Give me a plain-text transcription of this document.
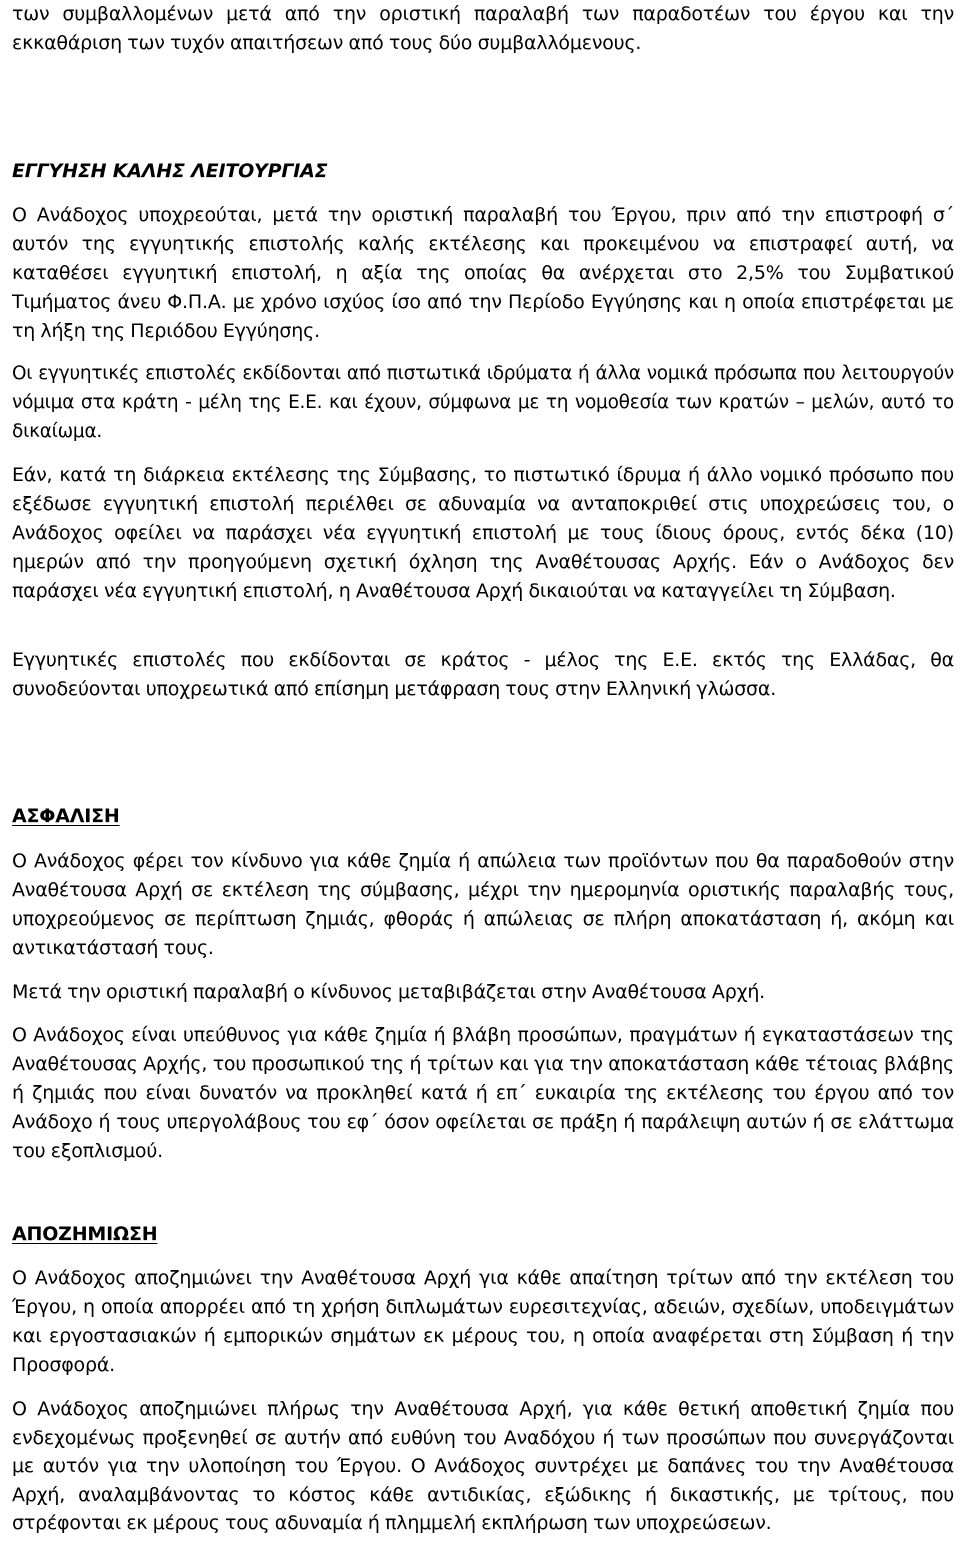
των συμβαλλομένων μετά από την οριστική παραλαβή των παραδοτέων του έργου και την εκκαθάριση των τυχόν απαιτήσεων από τους δύο συμβαλλόμενους.

ΕΓΓΥΗΣΗ ΚΑΛΗΣ ΛΕΙΤΟΥΡΓΙΑΣ

Ο Ανάδοχος υποχρεούται, μετά την οριστική παραλαβή του Έργου, πριν από την επιστροφή σ΄ αυτόν της εγγυητικής επιστολής καλής εκτέλεσης και προκειμένου να επιστραφεί αυτή, να καταθέσει εγγυητική επιστολή, η αξία της οποίας θα ανέρχεται στο 2,5% του Συμβατικού Τιμήματος άνευ Φ.Π.Α. με χρόνο ισχύος ίσο από την Περίοδο Εγγύησης και η οποία επιστρέφεται με τη λήξη της Περιόδου Εγγύησης.

Οι εγγυητικές επιστολές εκδίδονται από πιστωτικά ιδρύματα ή άλλα νομικά πρόσωπα που λειτουργούν νόμιμα στα κράτη - μέλη της Ε.Ε. και έχουν, σύμφωνα με τη νομοθεσία των κρατών – μελών, αυτό το δικαίωμα.

Εάν, κατά τη διάρκεια εκτέλεσης της Σύμβασης, το πιστωτικό ίδρυμα ή άλλο νομικό πρόσωπο που εξέδωσε εγγυητική επιστολή περιέλθει σε αδυναμία να ανταποκριθεί στις υποχρεώσεις του, ο Ανάδοχος οφείλει να παράσχει νέα εγγυητική επιστολή με τους ίδιους όρους, εντός δέκα (10) ημερών από την προηγούμενη σχετική όχληση της Αναθέτουσας Αρχής. Εάν ο Ανάδοχος δεν παράσχει νέα εγγυητική επιστολή, η Αναθέτουσα Αρχή δικαιούται να καταγγείλει τη Σύμβαση.

Εγγυητικές επιστολές που εκδίδονται σε κράτος - μέλος της Ε.Ε. εκτός της Ελλάδας, θα συνοδεύονται υποχρεωτικά από επίσημη μετάφραση τους στην Ελληνική γλώσσα.

ΑΣΦΑΛΙΣΗ

Ο Ανάδοχος φέρει τον κίνδυνο για κάθε ζημία ή απώλεια των προϊόντων που θα παραδοθούν στην Αναθέτουσα Αρχή σε εκτέλεση της σύμβασης, μέχρι την ημερομηνία οριστικής παραλαβής τους, υποχρεούμενος σε περίπτωση ζημιάς, φθοράς ή απώλειας σε πλήρη αποκατάσταση ή, ακόμη και αντικατάστασή τους.

Μετά την οριστική παραλαβή ο κίνδυνος μεταβιβάζεται στην Αναθέτουσα Αρχή.

Ο Ανάδοχος είναι υπεύθυνος για κάθε ζημία ή βλάβη προσώπων, πραγμάτων ή εγκαταστάσεων της Αναθέτουσας Αρχής, του προσωπικού της ή τρίτων και για την αποκατάσταση κάθε τέτοιας βλάβης ή ζημιάς που είναι δυνατόν να προκληθεί κατά ή επ΄ ευκαιρία της εκτέλεσης του έργου από τον Ανάδοχο ή τους υπεργολάβους του εφ΄ όσον οφείλεται σε πράξη ή παράλειψη αυτών ή σε ελάττωμα του εξοπλισμού.

ΑΠΟΖΗΜΙΩΣΗ

Ο Ανάδοχος αποζημιώνει την Αναθέτουσα Αρχή για κάθε απαίτηση τρίτων από την εκτέλεση του Έργου, η οποία απορρέει από τη χρήση διπλωμάτων ευρεσιτεχνίας, αδειών, σχεδίων, υποδειγμάτων και εργοστασιακών ή εμπορικών σημάτων εκ μέρους του, η οποία αναφέρεται στη Σύμβαση ή την Προσφορά.

Ο Ανάδοχος αποζημιώνει πλήρως την Αναθέτουσα Αρχή, για κάθε θετική αποθετική ζημία που ενδεχομένως προξενηθεί σε αυτήν από ευθύνη του Αναδόχου ή των προσώπων που συνεργάζονται με αυτόν για την υλοποίηση του Έργου. Ο Ανάδοχος συντρέχει με δαπάνες του την Αναθέτουσα Αρχή, αναλαμβάνοντας το κόστος κάθε αντιδικίας, εξώδικης ή δικαστικής, με τρίτους, που στρέφονται εκ μέρους τους αδυναμία ή πλημμελή εκπλήρωση των υποχρεώσεων.
